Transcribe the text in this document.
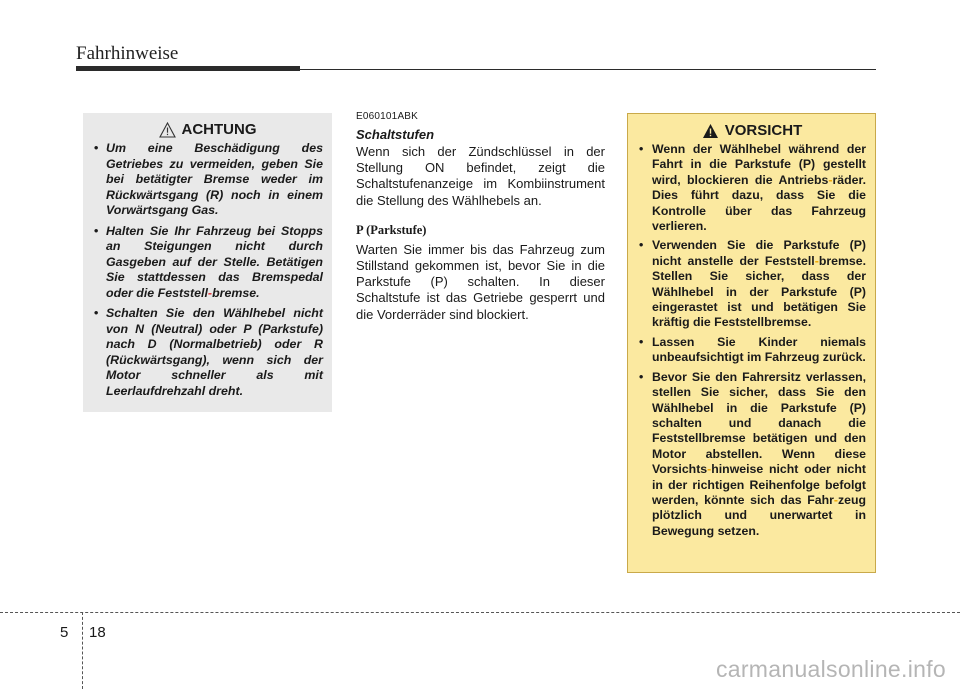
Fahrhinweise
ACHTUNG
• Um eine Beschädigung des Getriebes zu vermeiden, geben Sie bei betätigter Bremse weder im Rückwärtsgang (R) noch in einem Vorwärtsgang Gas.
• Halten Sie Ihr Fahrzeug bei Stopps an Steigungen nicht durch Gasgeben auf der Stelle. Betätigen Sie stattdessen das Bremspedal oder die Feststell-bremse.
• Schalten Sie den Wählhebel nicht von N (Neutral) oder P (Parkstufe) nach D (Normalbetrieb) oder R (Rückwärtsgang), wenn sich der Motor schneller als mit Leerlaufdrehzahl dreht.
E060101ABK
Schaltstufen

Wenn sich der Zündschlüssel in der Stellung ON befindet, zeigt die Schaltstufenanzeige im Kombiinstrument die Stellung des Wählhebels an.

P (Parkstufe)

Warten Sie immer bis das Fahrzeug zum Stillstand gekommen ist, bevor Sie in die Parkstufe (P) schalten. In dieser Schaltstufe ist das Getriebe gesperrt und die Vorderräder sind blockiert.

VORSICHT
• Wenn der Wählhebel während der Fahrt in die Parkstufe (P) gestellt wird, blockieren die Antriebs-räder. Dies führt dazu, dass Sie die Kontrolle über das Fahrzeug verlieren.
• Verwenden Sie die Parkstufe (P) nicht anstelle der Feststell-bremse. Stellen Sie sicher, dass der Wählhebel in der Parkstufe (P) eingerastet ist und betätigen Sie kräftig die Feststellbremse.
• Lassen Sie Kinder niemals unbeaufsichtigt im Fahrzeug zurück.
• Bevor Sie den Fahrersitz verlassen, stellen Sie sicher, dass Sie den Wählhebel in die Parkstufe (P) schalten und danach die Feststellbremse betätigen und den Motor abstellen. Wenn diese Vorsichts-hinweise nicht oder nicht in der richtigen Reihenfolge befolgt werden, könnte sich das Fahr-zeug plötzlich und unerwartet in Bewegung setzen.
5 18
carmanualsonline.info
